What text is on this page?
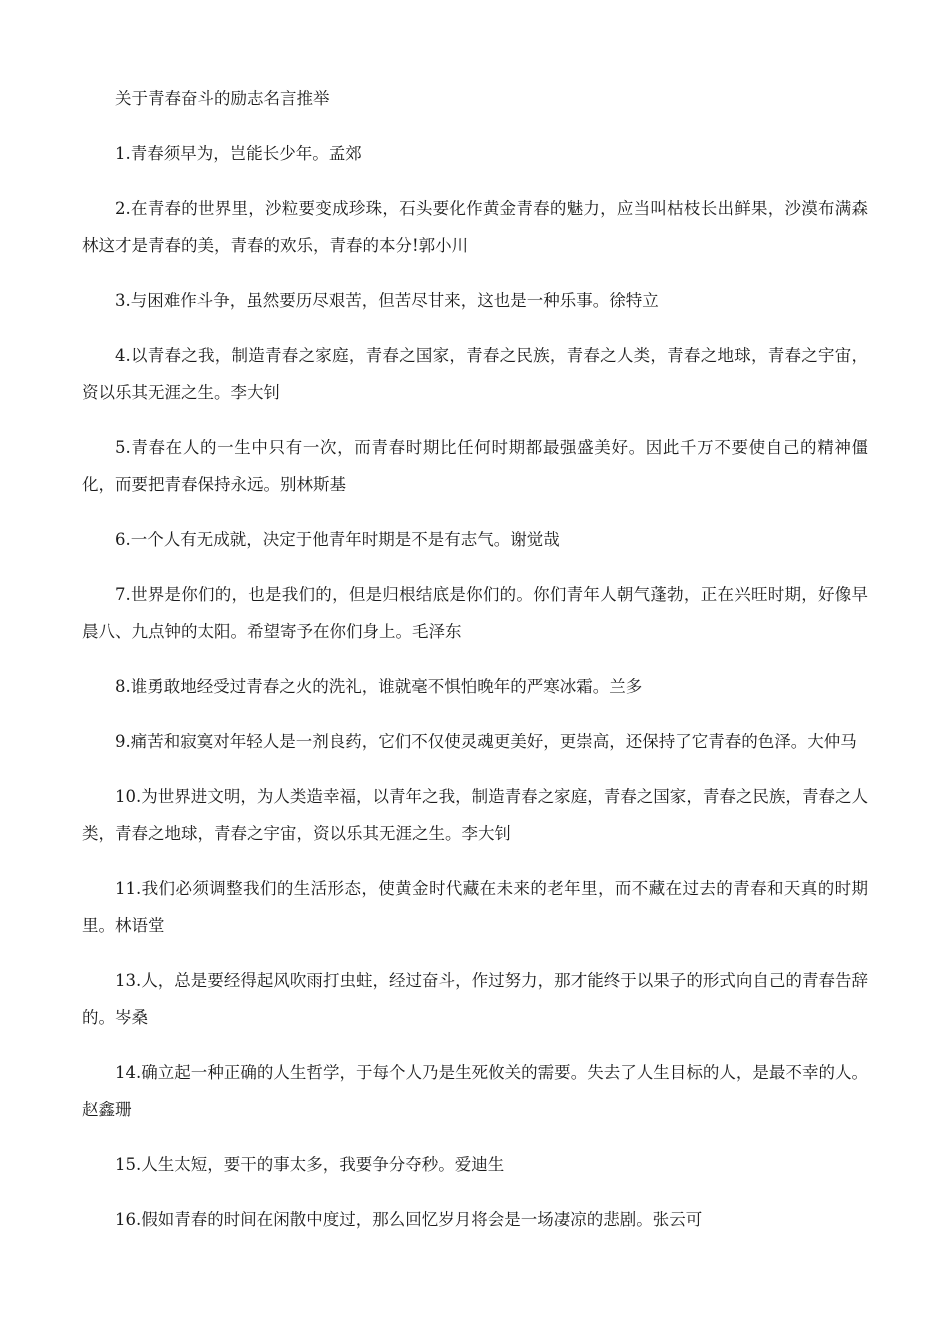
关于青春奋斗的励志名言推举

1.青春须早为，岂能长少年。孟郊

2.在青春的世界里，沙粒要变成珍珠，石头要化作黄金青春的魅力，应当叫枯枝长出鲜果，沙漠布满森林这才是青春的美，青春的欢乐，青春的本分!郭小川

3.与困难作斗争，虽然要历尽艰苦，但苦尽甘来，这也是一种乐事。徐特立

4.以青春之我，制造青春之家庭，青春之国家，青春之民族，青春之人类，青春之地球，青春之宇宙，资以乐其无涯之生。李大钊

5.青春在人的一生中只有一次，而青春时期比任何时期都最强盛美好。因此千万不要使自己的精神僵化，而要把青春保持永远。别林斯基

6.一个人有无成就，决定于他青年时期是不是有志气。谢觉哉

7.世界是你们的，也是我们的，但是归根结底是你们的。你们青年人朝气蓬勃，正在兴旺时期，好像早晨八、九点钟的太阳。希望寄予在你们身上。毛泽东

8.谁勇敢地经受过青春之火的洗礼，谁就毫不惧怕晚年的严寒冰霜。兰多

9.痛苦和寂寞对年轻人是一剂良药，它们不仅使灵魂更美好，更崇高，还保持了它青春的色泽。大仲马

10.为世界进文明，为人类造幸福，以青年之我，制造青春之家庭，青春之国家，青春之民族，青春之人类，青春之地球，青春之宇宙，资以乐其无涯之生。李大钊

11.我们必须调整我们的生活形态，使黄金时代藏在未来的老年里，而不藏在过去的青春和天真的时期里。林语堂

13.人，总是要经得起风吹雨打虫蛀，经过奋斗，作过努力，那才能终于以果子的形式向自己的青春告辞的。岑桑

14.确立起一种正确的人生哲学，于每个人乃是生死攸关的需要。失去了人生目标的人，是最不幸的人。赵鑫珊

15.人生太短，要干的事太多，我要争分夺秒。爱迪生

16.假如青春的时间在闲散中度过，那么回忆岁月将会是一场凄凉的悲剧。张云可
